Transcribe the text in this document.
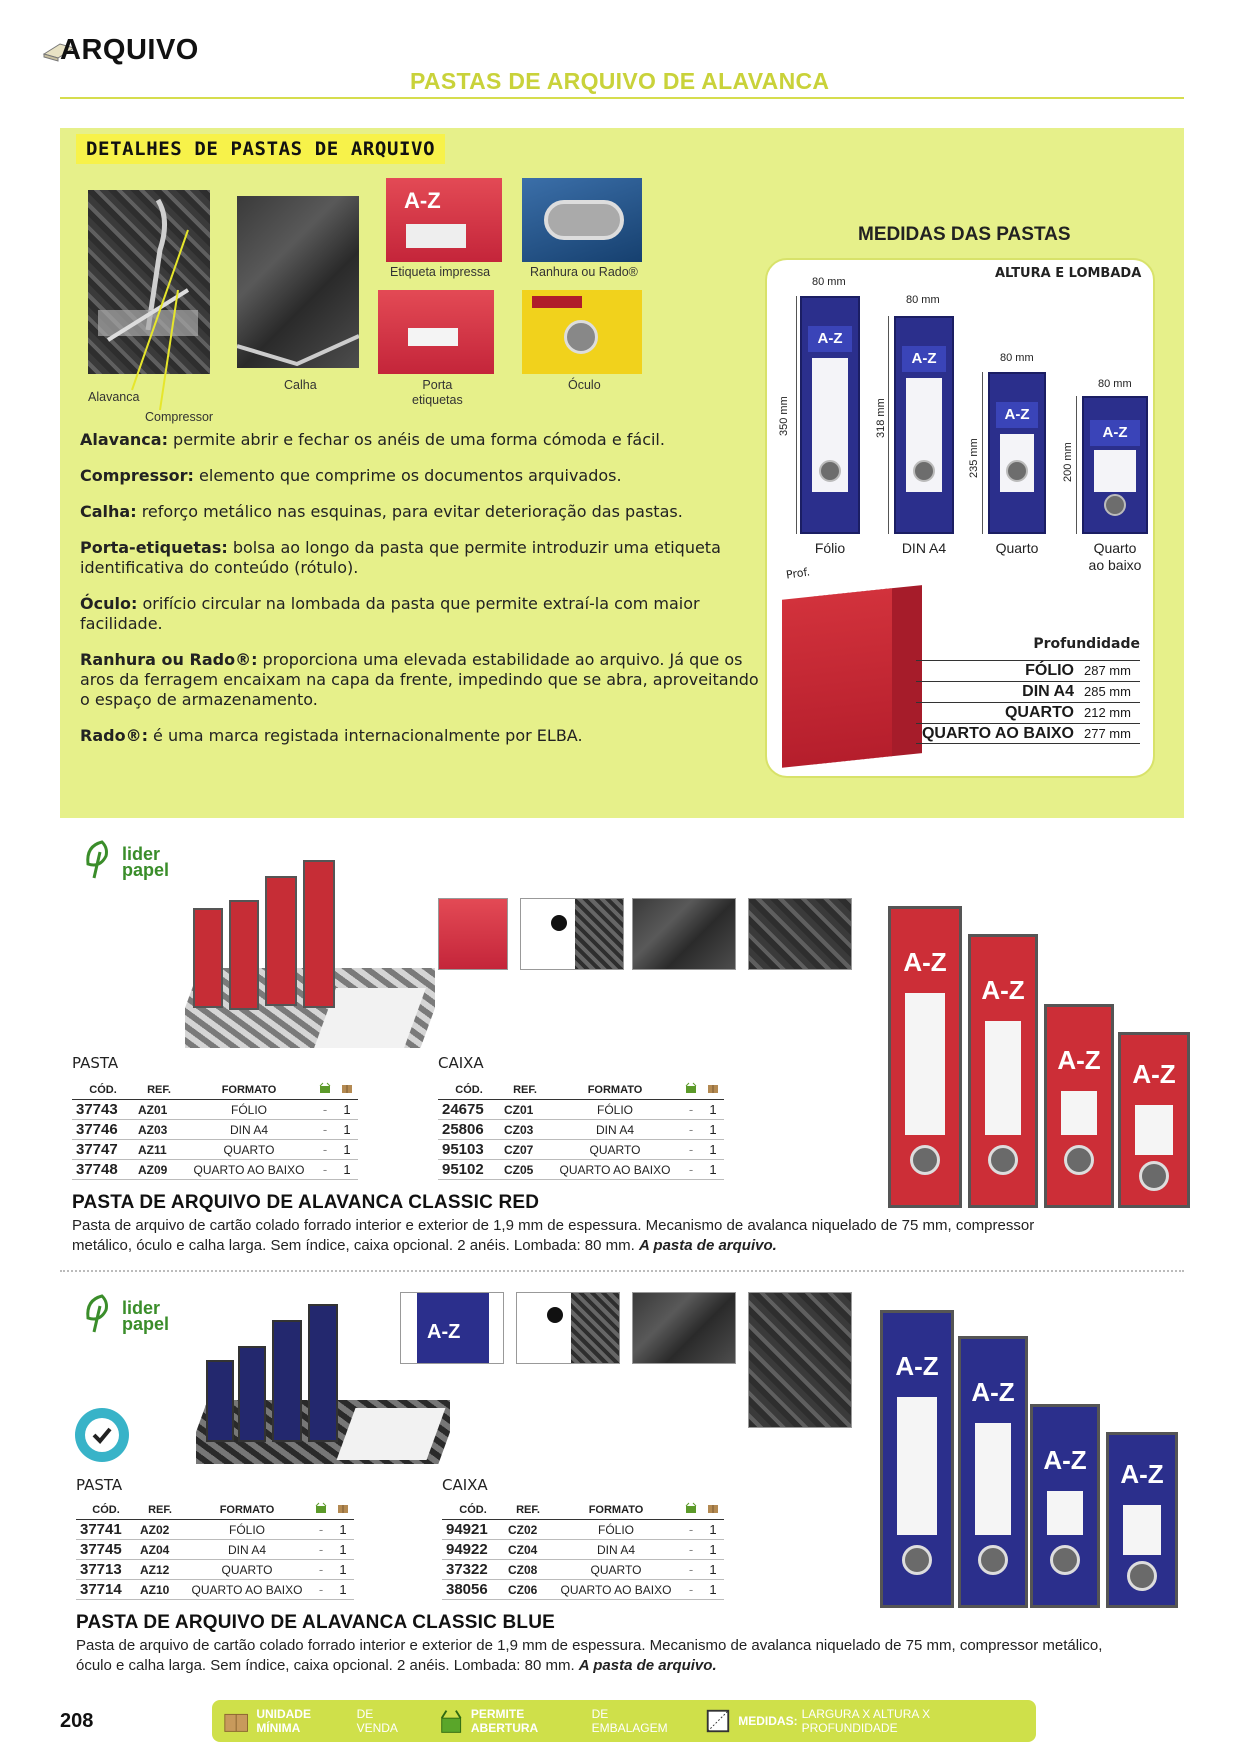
ARQUIVO
PASTAS DE ARQUIVO DE ALAVANCA
DETALHES DE PASTAS DE ARQUIVO
Alavanca
Compressor
Calha
A-Z
Etiqueta impressa	Ranhura ou Rado®
Porta
etiquetas
Óculo
Alavanca: permite abrir e fechar os anéis de uma forma cómoda e fácil.
Compressor: elemento que comprime os documentos arquivados.
Calha: reforço metálico nas esquinas, para evitar deterioração das pastas.
Porta-etiquetas: bolsa ao longo da pasta que permite introduzir uma etiqueta identificativa do conteúdo (rótulo).
Óculo: orifício circular na lombada da pasta que permite extraí-la com maior facilidade.
Ranhura ou Rado®: proporciona uma elevada estabilidade ao arquivo. Já que os aros da ferragem encaixam na capa da frente, impedindo que se abra, aproveitando o espaço de armazenamento.
Rado®: é uma marca registada internacionalmente por ELBA.
MEDIDAS DAS PASTAS
ALTURA E LOMBADA
80 mm
350 mm
A-Z
Fólio
80 mm
318 mm
A-Z
DIN A4
80 mm
235 mm
A-Z
Quarto
80 mm
200 mm
A-Z
Quarto
ao baixo
Prof.
Profundidade
FÓLIO 287 mm
DIN A4 285 mm
QUARTO 212 mm
QUARTO AO BAIXO 277 mm
lider
papel
A-Z
A-Z
A-Z A-Z
PASTA
CÓD.	REF.	FORMATO		
37743	AZ01	FÓLIO	-	1
37746	AZ03	DIN A4	-	1
37747	AZ11	QUARTO	-	1
37748	AZ09	QUARTO AO BAIXO	-	1
CAIXA
CÓD.	REF.	FORMATO		
24675	CZ01	FÓLIO	-	1
25806	CZ03	DIN A4	-	1
95103	CZ07	QUARTO	-	1
95102	CZ05	QUARTO AO BAIXO	-	1
PASTA DE ARQUIVO DE ALAVANCA CLASSIC RED
Pasta de arquivo de cartão colado forrado interior e exterior de 1,9 mm de espessura. Mecanismo de avalanca niquelado de 75 mm, compressor metálico, óculo e calha larga. Sem índice, caixa opcional. 2 anéis. Lombada: 80 mm. A pasta de arquivo.
lider
papel	A-Z
A-Z
A-Z
A-Z A-Z
PASTA
CÓD.	REF.	FORMATO		
37741	AZ02	FÓLIO	-	1
37745	AZ04	DIN A4	-	1
37713	AZ12	QUARTO	-	1
37714	AZ10	QUARTO AO BAIXO	-	1
CAIXA
CÓD.	REF.	FORMATO		
94921	CZ02	FÓLIO	-	1
94922	CZ04	DIN A4	-	1
37322	CZ08	QUARTO	-	1
38056	CZ06	QUARTO AO BAIXO	-	1
PASTA DE ARQUIVO DE ALAVANCA CLASSIC BLUE
Pasta de arquivo de cartão colado forrado interior e exterior de 1,9 mm de espessura. Mecanismo de avalanca niquelado de 75 mm, compressor metálico, óculo e calha larga. Sem índice, caixa opcional. 2 anéis. Lombada: 80 mm. A pasta de arquivo.
208	UNIDADE MÍNIMA
DE VENDA
PERMITE ABERTURA
DE EMBALAGEM	MEDIDAS: LARGURA X ALTURA X PROFUNDIDADE
